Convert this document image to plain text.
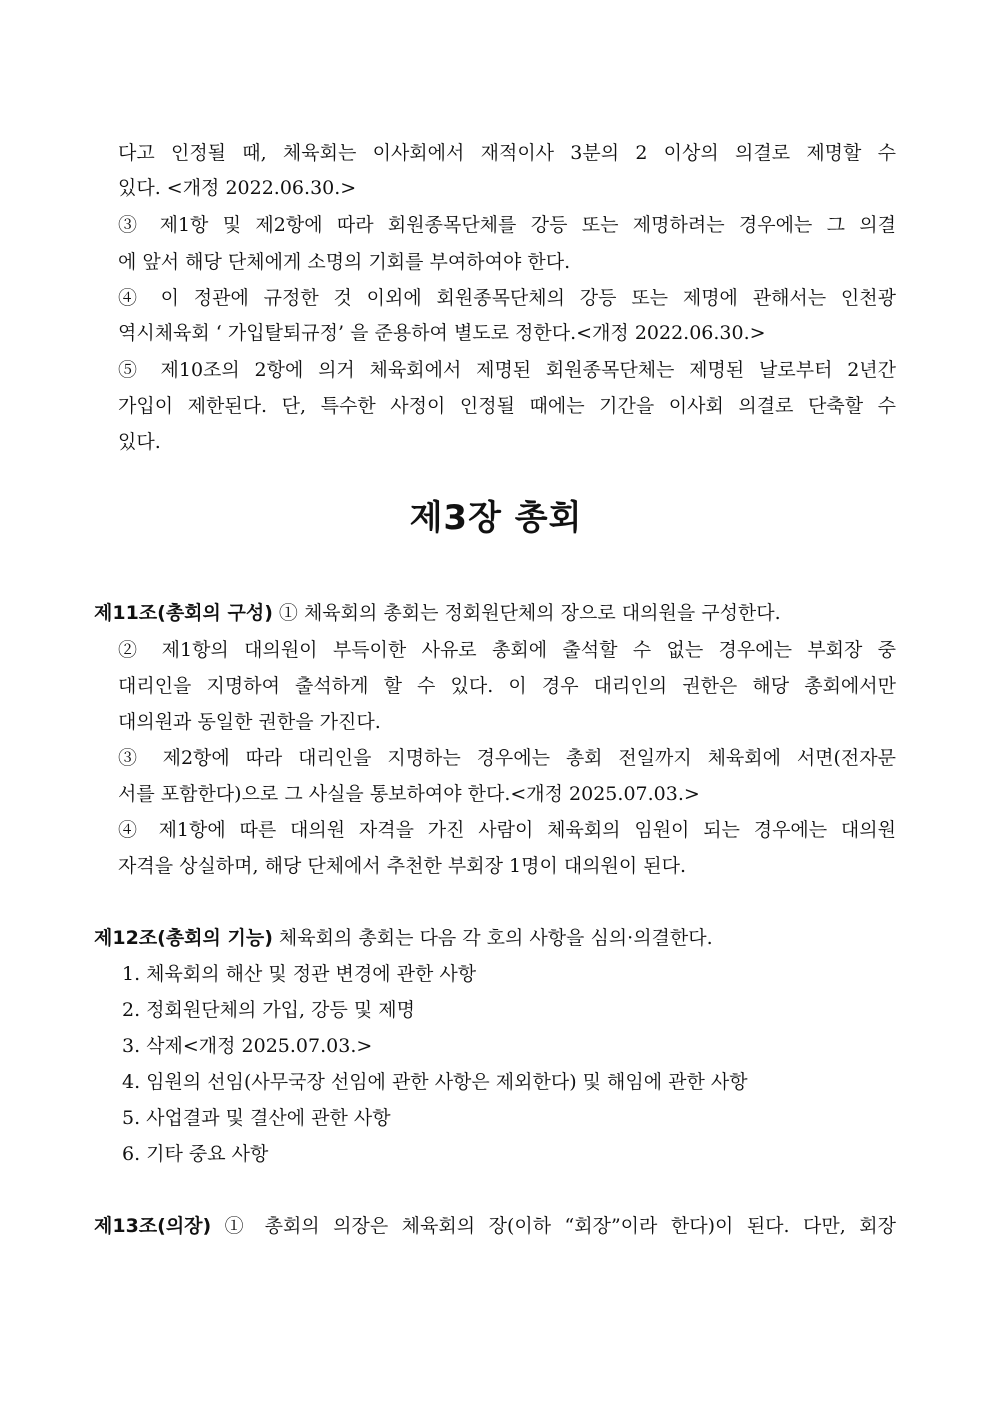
다고 인정될 때, 체육회는 이사회에서 재적이사 3분의 2 이상의 의결로 제명할 수
있다. <개정 2022.06.30.>
③ 제1항 및 제2항에 따라 회원종목단체를 강등 또는 제명하려는 경우에는 그 의결
에 앞서 해당 단체에게 소명의 기회를 부여하여야 한다.
④ 이 정관에 규정한 것 이외에 회원종목단체의 강등 또는 제명에 관해서는 인천광
역시체육회 ‘ 가입탈퇴규정’ 을 준용하여 별도로 정한다.<개정 2022.06.30.>
⑤ 제10조의 2항에 의거 체육회에서 제명된 회원종목단체는 제명된 날로부터 2년간
가입이 제한된다. 단, 특수한 사정이 인정될 때에는 기간을 이사회 의결로 단축할 수
있다.
제3장 총회
제11조(총회의 구성) ① 체육회의 총회는 정회원단체의 장으로 대의원을 구성한다.
② 제1항의 대의원이 부득이한 사유로 총회에 출석할 수 없는 경우에는 부회장 중
대리인을 지명하여 출석하게 할 수 있다. 이 경우 대리인의 권한은 해당 총회에서만
대의원과 동일한 권한을 가진다.
③ 제2항에 따라 대리인을 지명하는 경우에는 총회 전일까지 체육회에 서면(전자문
서를 포함한다)으로 그 사실을 통보하여야 한다.<개정 2025.07.03.>
④ 제1항에 따른 대의원 자격을 가진 사람이 체육회의 임원이 되는 경우에는 대의원
자격을 상실하며, 해당 단체에서 추천한 부회장 1명이 대의원이 된다.
제12조(총회의 기능) 체육회의 총회는 다음 각 호의 사항을 심의·의결한다.
1. 체육회의 해산 및 정관 변경에 관한 사항
2. 정회원단체의 가입, 강등 및 제명
3. 삭제<개정 2025.07.03.>
4. 임원의 선임(사무국장 선임에 관한 사항은 제외한다) 및 해임에 관한 사항
5. 사업결과 및 결산에 관한 사항
6. 기타 중요 사항
제13조(의장) ① 총회의 의장은 체육회의 장(이하 “회장”이라 한다)이 된다. 다만, 회장
